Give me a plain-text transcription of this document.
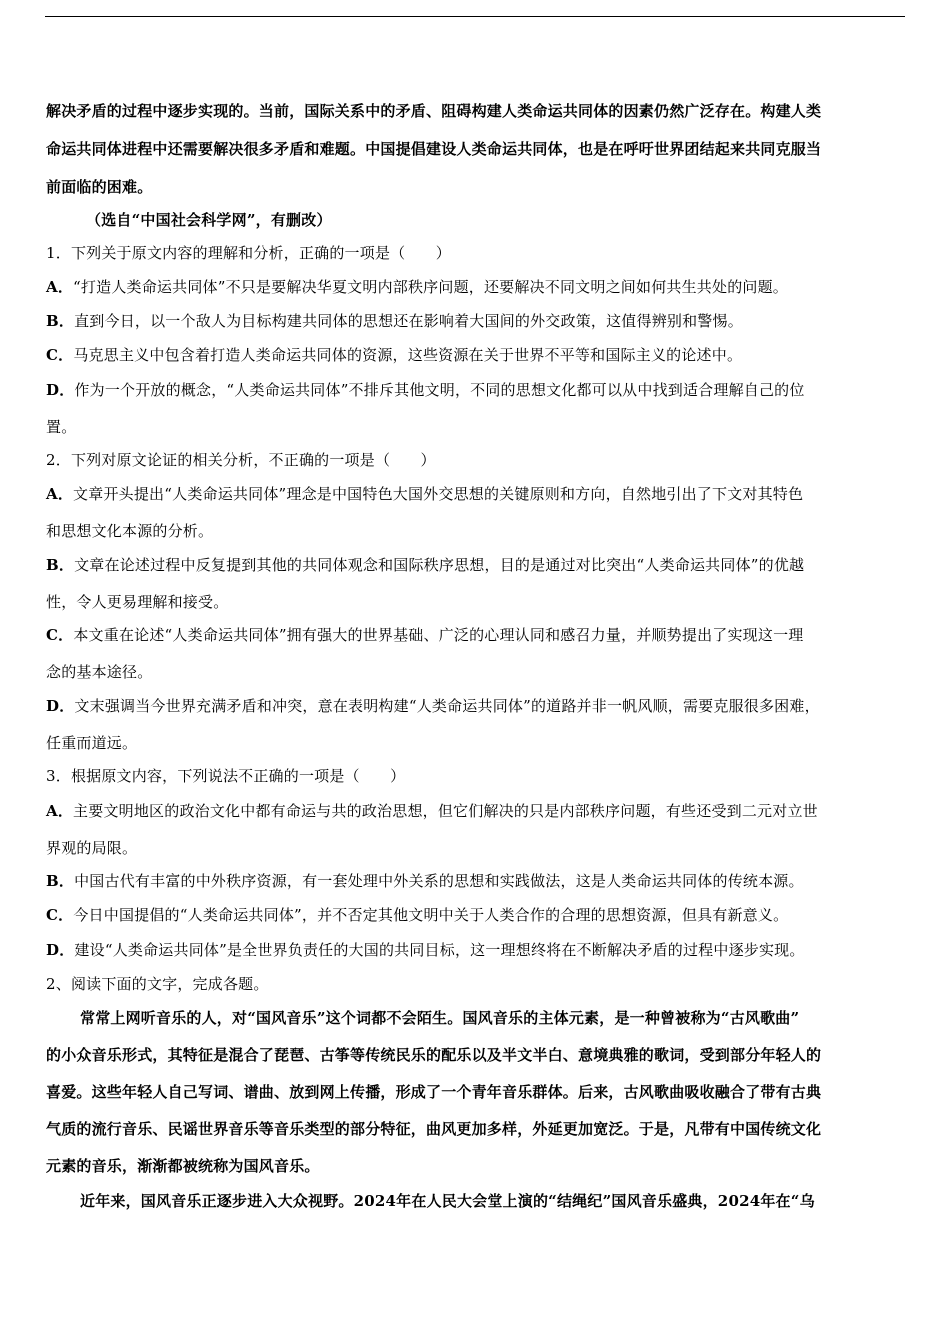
解决矛盾的过程中逐步实现的。当前，国际关系中的矛盾、阻碍构建人类命运共同体的因素仍然广泛存在。构建人类
命运共同体进程中还需要解决很多矛盾和难题。中国提倡建设人类命运共同体，也是在呼吁世界团结起来共同克服当
前面临的困难。
（选自“中国社会科学网”，有删改）
1．下列关于原文内容的理解和分析，正确的一项是（　　）
A．“打造人类命运共同体”不只是要解决华夏文明内部秩序问题，还要解决不同文明之间如何共生共处的问题。
B．直到今日，以一个敌人为目标构建共同体的思想还在影响着大国间的外交政策，这值得辨别和警惕。
C．马克思主义中包含着打造人类命运共同体的资源，这些资源在关于世界不平等和国际主义的论述中。
D．作为一个开放的概念，“人类命运共同体”不排斥其他文明，不同的思想文化都可以从中找到适合理解自己的位
置。
2．下列对原文论证的相关分析，不正确的一项是（　　）
A．文章开头提出“人类命运共同体”理念是中国特色大国外交思想的关键原则和方向，自然地引出了下文对其特色
和思想文化本源的分析。
B．文章在论述过程中反复提到其他的共同体观念和国际秩序思想，目的是通过对比突出“人类命运共同体”的优越
性，令人更易理解和接受。
C．本文重在论述“人类命运共同体”拥有强大的世界基础、广泛的心理认同和感召力量，并顺势提出了实现这一理
念的基本途径。
D．文末强调当今世界充满矛盾和冲突，意在表明构建“人类命运共同体”的道路并非一帆风顺，需要克服很多困难，
任重而道远。
3．根据原文内容，下列说法不正确的一项是（　　）
A．主要文明地区的政治文化中都有命运与共的政治思想，但它们解决的只是内部秩序问题，有些还受到二元对立世
界观的局限。
B．中国古代有丰富的中外秩序资源，有一套处理中外关系的思想和实践做法，这是人类命运共同体的传统本源。
C．今日中国提倡的“人类命运共同体”，并不否定其他文明中关于人类合作的合理的思想资源，但具有新意义。
D．建设“人类命运共同体”是全世界负责任的大国的共同目标，这一理想终将在不断解决矛盾的过程中逐步实现。
2、阅读下面的文字，完成各题。
常常上网听音乐的人，对“国风音乐”这个词都不会陌生。国风音乐的主体元素，是一种曾被称为“古风歌曲”
的小众音乐形式，其特征是混合了琵琶、古筝等传统民乐的配乐以及半文半白、意境典雅的歌词，受到部分年轻人的
喜爱。这些年轻人自己写词、谱曲、放到网上传播，形成了一个青年音乐群体。后来，古风歌曲吸收融合了带有古典
气质的流行音乐、民谣世界音乐等音乐类型的部分特征，曲风更加多样，外延更加宽泛。于是，凡带有中国传统文化
元素的音乐，渐渐都被统称为国风音乐。
近年来，国风音乐正逐步进入大众视野。2024年在人民大会堂上演的“结绳纪”国风音乐盛典，2024年在“乌
